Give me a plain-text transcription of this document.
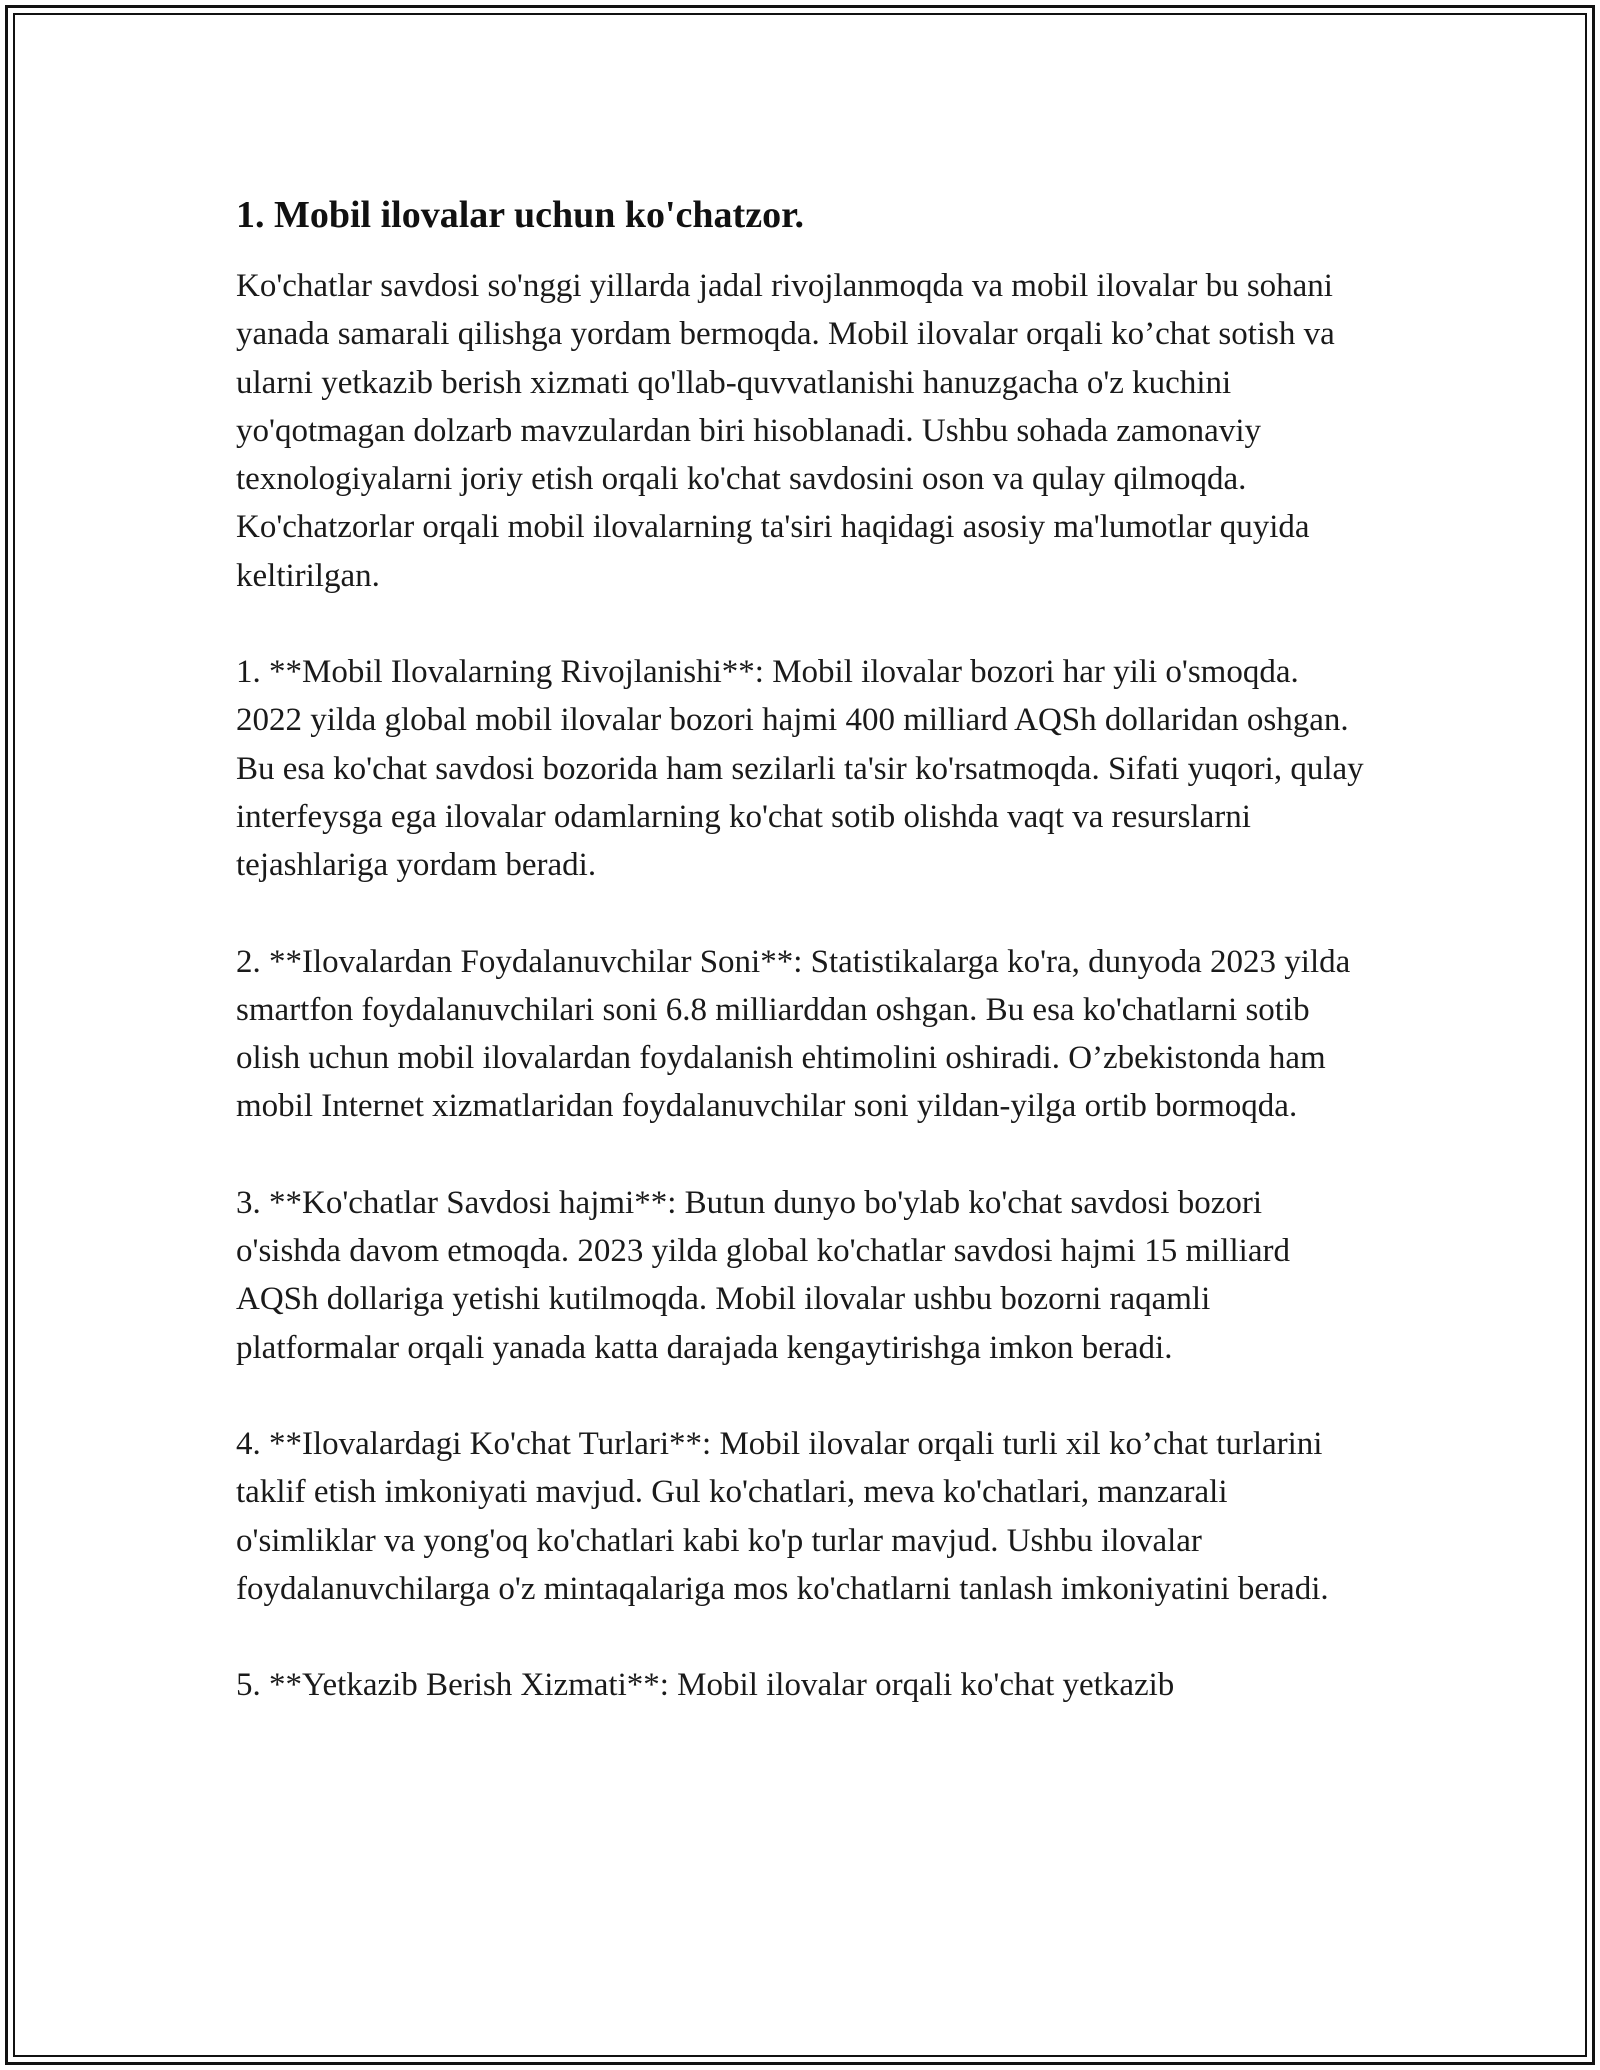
1. Mobil ilovalar uchun ko'chatzor.

Ko'chatlar savdosi so'nggi yillarda jadal rivojlanmoqda va mobil ilovalar bu sohani yanada samarali qilishga yordam bermoqda. Mobil ilovalar orqali ko’chat sotish va ularni yetkazib berish xizmati qo'llab-quvvatlanishi hanuzgacha o'z kuchini yo'qotmagan dolzarb mavzulardan biri hisoblanadi. Ushbu sohada zamonaviy texnologiyalarni joriy etish orqali ko'chat savdosini oson va qulay qilmoqda. Ko'chatzorlar orqali mobil ilovalarning ta'siri haqidagi asosiy ma'lumotlar quyida keltirilgan.

1. **Mobil Ilovalarning Rivojlanishi**: Mobil ilovalar bozori har yili o'smoqda. 2022 yilda global mobil ilovalar bozori hajmi 400 milliard AQSh dollaridan oshgan. Bu esa ko'chat savdosi bozorida ham sezilarli ta'sir ko'rsatmoqda. Sifati yuqori, qulay interfeysga ega ilovalar odamlarning ko'chat sotib olishda vaqt va resurslarni tejashlariga yordam beradi.

2. **Ilovalardan Foydalanuvchilar Soni**: Statistikalarga ko'ra, dunyoda 2023 yilda smartfon foydalanuvchilari soni 6.8 milliarddan oshgan. Bu esa ko'chatlarni sotib olish uchun mobil ilovalardan foydalanish ehtimolini oshiradi. O’zbekistonda ham mobil Internet xizmatlaridan foydalanuvchilar soni yildan-yilga ortib bormoqda.

3. **Ko'chatlar Savdosi hajmi**: Butun dunyo bo'ylab ko'chat savdosi bozori o'sishda davom etmoqda. 2023 yilda global ko'chatlar savdosi hajmi 15 milliard AQSh dollariga yetishi kutilmoqda. Mobil ilovalar ushbu bozorni raqamli platformalar orqali yanada katta darajada kengaytirishga imkon beradi.

4. **Ilovalardagi Ko'chat Turlari**: Mobil ilovalar orqali turli xil ko’chat turlarini taklif etish imkoniyati mavjud. Gul ko'chatlari, meva ko'chatlari, manzarali o'simliklar va yong'oq ko'chatlari kabi ko'p turlar mavjud. Ushbu ilovalar foydalanuvchilarga o'z mintaqalariga mos ko'chatlarni tanlash imkoniyatini beradi.

5. **Yetkazib Berish Xizmati**: Mobil ilovalar orqali ko'chat yetkazib
